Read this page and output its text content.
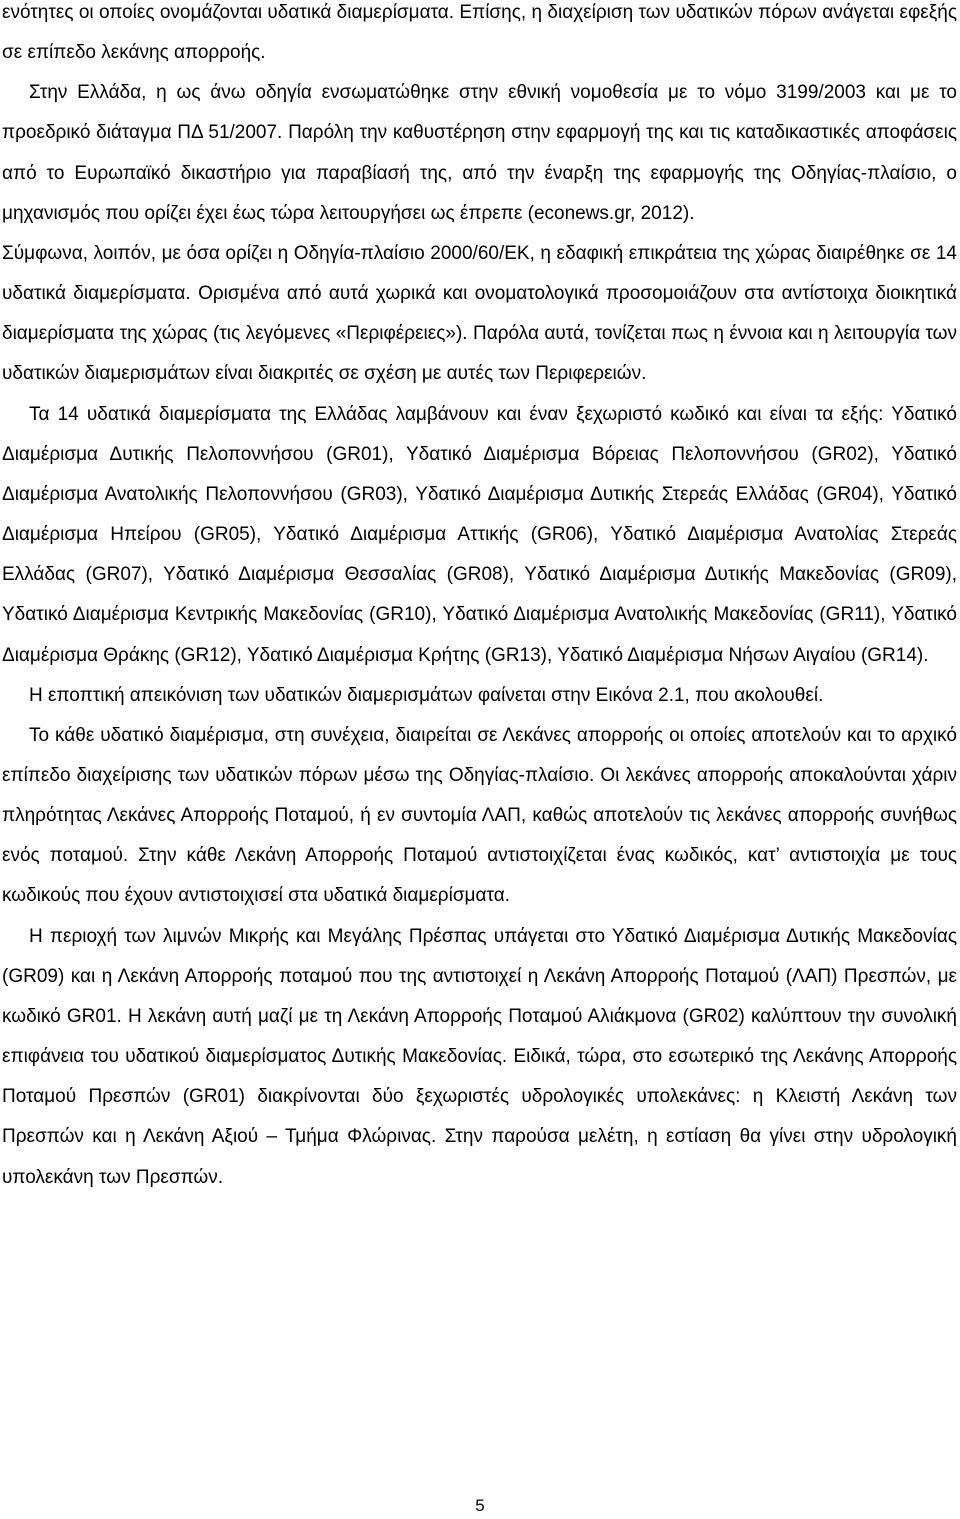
ενότητες οι οποίες ονομάζονται υδατικά διαμερίσματα. Επίσης, η διαχείριση των υδατικών πόρων ανάγεται εφεξής σε επίπεδο λεκάνης απορροής.

Στην Ελλάδα, η ως άνω οδηγία ενσωματώθηκε στην εθνική νομοθεσία με το νόμο 3199/2003 και με το προεδρικό διάταγμα ΠΔ 51/2007. Παρόλη την καθυστέρηση στην εφαρμογή της και τις καταδικαστικές αποφάσεις από το Ευρωπαϊκό δικαστήριο για παραβίασή της, από την έναρξη της εφαρμογής της Οδηγίας-πλαίσιο, ο μηχανισμός που ορίζει έχει έως τώρα λειτουργήσει ως έπρεπε (econews.gr, 2012).

Σύμφωνα, λοιπόν, με όσα ορίζει η Οδηγία-πλαίσιο 2000/60/ΕΚ, η εδαφική επικράτεια της χώρας διαιρέθηκε σε 14 υδατικά διαμερίσματα. Ορισμένα από αυτά χωρικά και ονοματολογικά προσομοιάζουν στα αντίστοιχα διοικητικά διαμερίσματα της χώρας (τις λεγόμενες «Περιφέρειες»). Παρόλα αυτά, τονίζεται πως η έννοια και η λειτουργία των υδατικών διαμερισμάτων είναι διακριτές σε σχέση με αυτές των Περιφερειών.

Τα 14 υδατικά διαμερίσματα της Ελλάδας λαμβάνουν και έναν ξεχωριστό κωδικό και είναι τα εξής: Υδατικό Διαμέρισμα Δυτικής Πελοποννήσου (GR01), Υδατικό Διαμέρισμα Βόρειας Πελοποννήσου (GR02), Υδατικό Διαμέρισμα Ανατολικής Πελοποννήσου (GR03), Υδατικό Διαμέρισμα Δυτικής Στερεάς Ελλάδας (GR04), Υδατικό Διαμέρισμα Ηπείρου (GR05), Υδατικό Διαμέρισμα Αττικής (GR06), Υδατικό Διαμέρισμα Ανατολίας Στερεάς Ελλάδας (GR07), Υδατικό Διαμέρισμα Θεσσαλίας (GR08), Υδατικό Διαμέρισμα Δυτικής Μακεδονίας (GR09), Υδατικό Διαμέρισμα Κεντρικής Μακεδονίας (GR10), Υδατικό Διαμέρισμα Ανατολικής Μακεδονίας (GR11), Υδατικό Διαμέρισμα Θράκης (GR12), Υδατικό Διαμέρισμα Κρήτης (GR13), Υδατικό Διαμέρισμα Νήσων Αιγαίου (GR14).

Η εποπτική απεικόνιση των υδατικών διαμερισμάτων φαίνεται στην Εικόνα 2.1, που ακολουθεί.

Το κάθε υδατικό διαμέρισμα, στη συνέχεια, διαιρείται σε Λεκάνες απορροής οι οποίες αποτελούν και το αρχικό επίπεδο διαχείρισης των υδατικών πόρων μέσω της Οδηγίας-πλαίσιο. Οι λεκάνες απορροής αποκαλούνται χάριν πληρότητας Λεκάνες Απορροής Ποταμού, ή εν συντομία ΛΑΠ, καθώς αποτελούν τις λεκάνες απορροής συνήθως ενός ποταμού. Στην κάθε Λεκάνη Απορροής Ποταμού αντιστοιχίζεται ένας κωδικός, κατ’ αντιστοιχία με τους κωδικούς που έχουν αντιστοιχισεί στα υδατικά διαμερίσματα.

Η περιοχή των λιμνών Μικρής και Μεγάλης Πρέσπας υπάγεται στο Υδατικό Διαμέρισμα Δυτικής Μακεδονίας (GR09) και η Λεκάνη Απορροής ποταμού που της αντιστοιχεί η Λεκάνη Απορροής Ποταμού (ΛΑΠ) Πρεσπών, με κωδικό GR01. Η λεκάνη αυτή μαζί με τη Λεκάνη Απορροής Ποταμού Αλιάκμονα (GR02) καλύπτουν την συνολική επιφάνεια του υδατικού διαμερίσματος Δυτικής Μακεδονίας. Ειδικά, τώρα, στο εσωτερικό της Λεκάνης Απορροής Ποταμού Πρεσπών (GR01) διακρίνονται δύο ξεχωριστές υδρολογικές υπολεκάνες: η Κλειστή Λεκάνη των Πρεσπών και η Λεκάνη Αξιού – Τμήμα Φλώρινας. Στην παρούσα μελέτη, η εστίαση θα γίνει στην υδρολογική υπολεκάνη των Πρεσπών.

5
